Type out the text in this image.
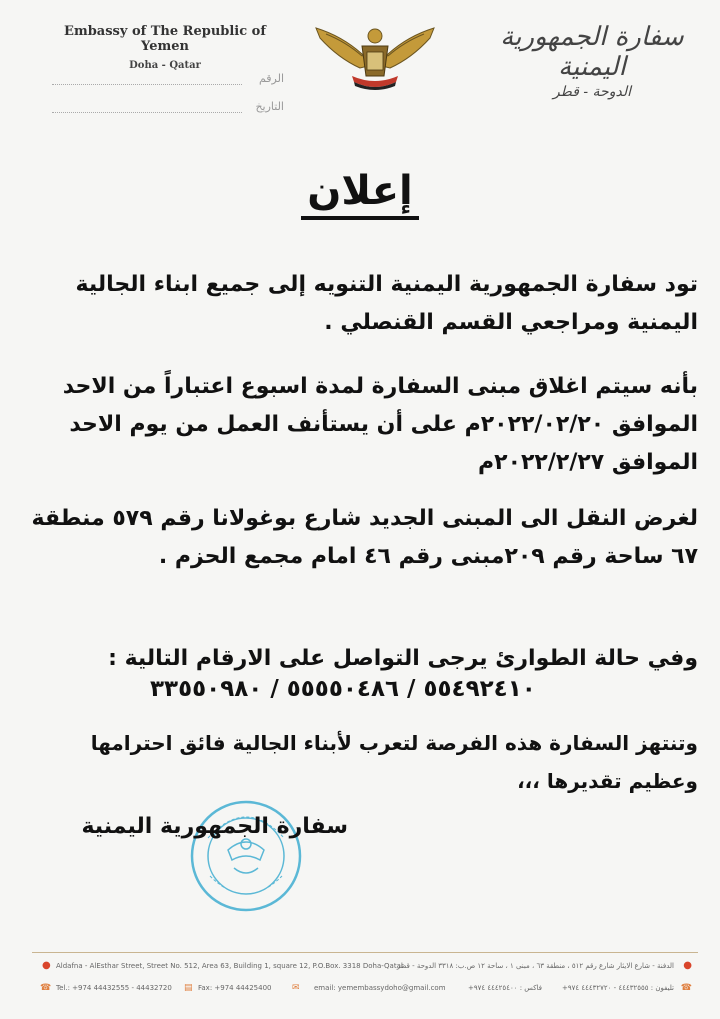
Embassy of The Republic of Yemen
Doha - Qatar
سفارة الجمهورية اليمنية
الدوحة - قطر
الرقم
التاريخ
إعلان
تود سفارة الجمهورية اليمنية التنويه إلى جميع ابناء الجالية اليمنية ومراجعي القسم القنصلي .
بأنه سيتم اغلاق مبنى السفارة لمدة اسبوع اعتباراً من الاحد الموافق ٢٠٢٢/٠٢/٢٠م على أن يستأنف العمل من يوم الاحد الموافق ٢٠٢٢/٢/٢٧م
لغرض النقل الى المبنى الجديد شارع بوغولانا رقم ٥٧٩ منطقة ٦٧ ساحة رقم ٢٠٩مبنى رقم ٤٦ امام مجمع الحزم .
وفي حالة الطوارئ يرجى التواصل على الارقام التالية :
٥٥٤٩٢٤١٠ / ٥٥٥٥٠٤٨٦ / ٣٣٥٥٠٩٨٠
وتنتهز السفارة هذه الفرصة لتعرب لأبناء الجالية فائق احترامها وعظيم تقديرها ،،،
سفارة الجمهورية اليمنية
● Aldafna - AlEsthar Street, Street No. 512, Area 63, Building 1, square 12, P.O.Box. 3318 Doha-Qatar
الدفنة - شارع الايثار شارع رقم ٥١٢ ، منطقة ٦٣ ، مبنى ١ ، ساحة ١٢ ص.ب: ٣٣١٨ الدوحة - قطر ●
☎ Tel.: +974 44432555 - 44432720 ▤ Fax: +974 44425400 ✉ email: yemembassydoho@gmail.com	فاكس : ٤٤٤٢٥٤٠٠ ٩٧٤+	تليفون : ٤٤٤٣٢٥٥٥ - ٤٤٤٣٢٧٢٠ ٩٧٤+ ☎
